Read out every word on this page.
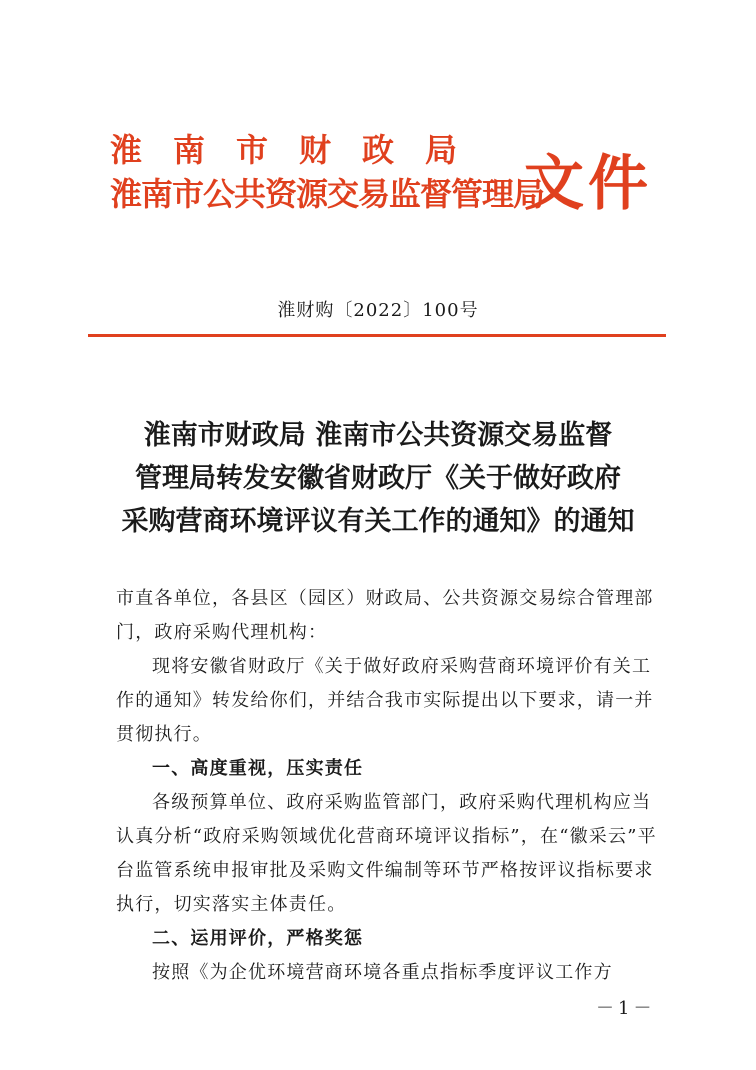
淮南市财政局
淮南市公共资源交易监督管理局
文件
淮财购〔2022〕100号
淮南市财政局 淮南市公共资源交易监督
管理局转发安徽省财政厅《关于做好政府
采购营商环境评议有关工作的通知》的通知

市直各单位，各县区（园区）财政局、公共资源交易综合管理部门，政府采购代理机构：

现将安徽省财政厅《关于做好政府采购营商环境评价有关工作的通知》转发给你们，并结合我市实际提出以下要求，请一并贯彻执行。

一、高度重视，压实责任

各级预算单位、政府采购监管部门，政府采购代理机构应当认真分析“政府采购领域优化营商环境评议指标”，在“徽采云”平台监管系统申报审批及采购文件编制等环节严格按评议指标要求执行，切实落实主体责任。

二、运用评价，严格奖惩

按照《为企优环境营商环境各重点指标季度评议工作方

－1－
